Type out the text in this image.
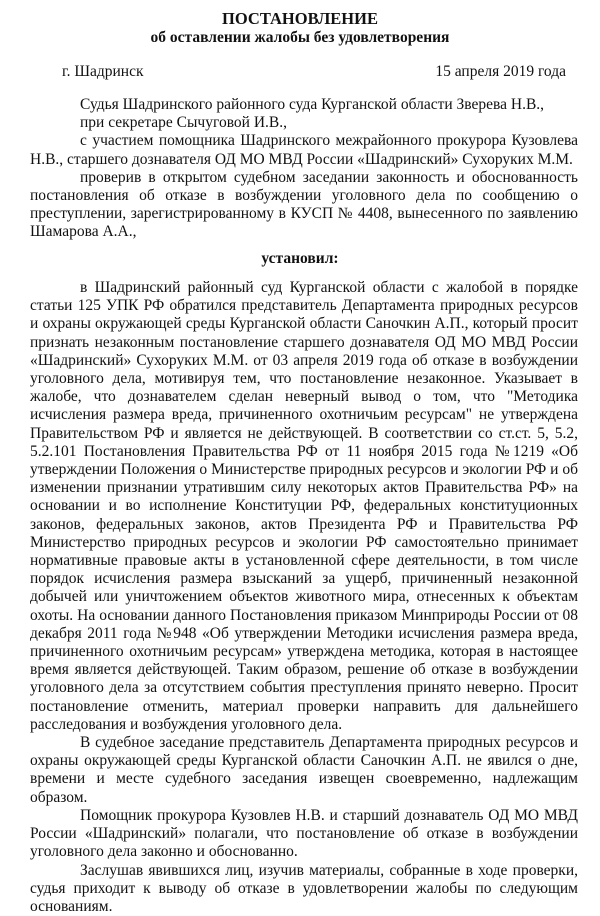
ПОСТАНОВЛЕНИЕ
об оставлении жалобы без удовлетворения
г. Шадринск	15 апреля 2019 года

Судья Шадринского районного суда Курганской области Зверева Н.В.,

при секретаре Сычуговой И.В.,

с участием помощника Шадринского межрайонного прокурора Кузовлева Н.В., старшего дознавателя ОД МО МВД России «Шадринский» Сухоруких М.М.

проверив в открытом судебном заседании законность и обоснованность постановления об отказе в возбуждении уголовного дела по сообщению о преступлении, зарегистрированному в КУСП № 4408, вынесенного по заявлению Шамарова А.А.,

установил:

в Шадринский районный суд Курганской области с жалобой в порядке статьи 125 УПК РФ обратился представитель Департамента природных ресурсов и охраны окружающей среды Курганской области Саночкин А.П., который просит признать незаконным постановление старшего дознавателя ОД МО МВД России «Шадринский» Сухоруких М.М. от 03 апреля 2019 года об отказе в возбуждении уголовного дела, мотивируя тем, что постановление незаконное. Указывает в жалобе, что дознавателем сделан неверный вывод о том, что "Методика исчисления размера вреда, причиненного охотничьим ресурсам" не утверждена Правительством РФ и является не действующей. В соответствии со ст.ст. 5, 5.2, 5.2.101 Постановления Правительства РФ от 11 ноября 2015 года №1219 «Об утверждении Положения о Министерстве природных ресурсов и экологии РФ и об изменении признании утратившим силу некоторых актов Правительства РФ» на основании и во исполнение Конституции РФ, федеральных конституционных законов, федеральных законов, актов Президента РФ и Правительства РФ Министерство природных ресурсов и экологии РФ самостоятельно принимает нормативные правовые акты в установленной сфере деятельности, в том числе порядок исчисления размера взысканий за ущерб, причиненный незаконной добычей или уничтожением объектов животного мира, отнесенных к объектам охоты. На основании данного Постановления приказом Минприроды России от 08 декабря 2011 года №948 «Об утверждении Методики исчисления размера вреда, причиненного охотничьим ресурсам» утверждена методика, которая в настоящее время является действующей. Таким образом, решение об отказе в возбуждении уголовного дела за отсутствием события преступления принято неверно. Просит постановление отменить, материал проверки направить для дальнейшего расследования и возбуждения уголовного дела.

В судебное заседание представитель Департамента природных ресурсов и охраны окружающей среды Курганской области Саночкин А.П. не явился о дне, времени и месте судебного заседания извещен своевременно, надлежащим образом.

Помощник прокурора Кузовлев Н.В. и старший дознаватель ОД МО МВД России «Шадринский» полагали, что постановление об отказе в возбуждении уголовного дела законно и обоснованно.

Заслушав явившихся лиц, изучив материалы, собранные в ходе проверки, судья приходит к выводу об отказе в удовлетворении жалобы по следующим основаниям.
